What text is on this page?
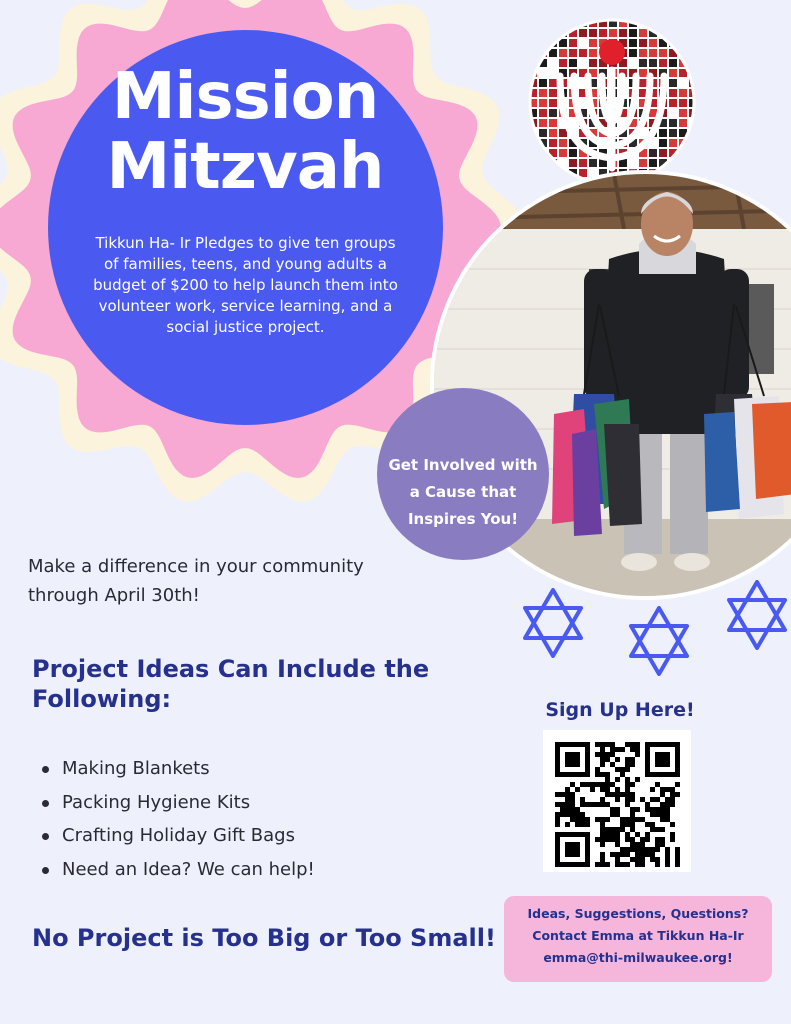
Mission
Mitzvah
Tikkun Ha- Ir Pledges to give ten groups of families, teens, and young adults a budget of $200 to help launch them into volunteer work, service learning, and a social justice project.
Get Involved with
a Cause that
Inspires You!
Make a difference in your community
through April 30th!
Project Ideas Can Include the
Following:
Making Blankets
Packing Hygiene Kits
Crafting Holiday Gift Bags
Need an Idea? We can help!
No Project is Too Big or Too Small!
Sign Up Here!
Ideas, Suggestions, Questions?
Contact Emma at Tikkun Ha-Ir
emma@thi-milwaukee.org!
